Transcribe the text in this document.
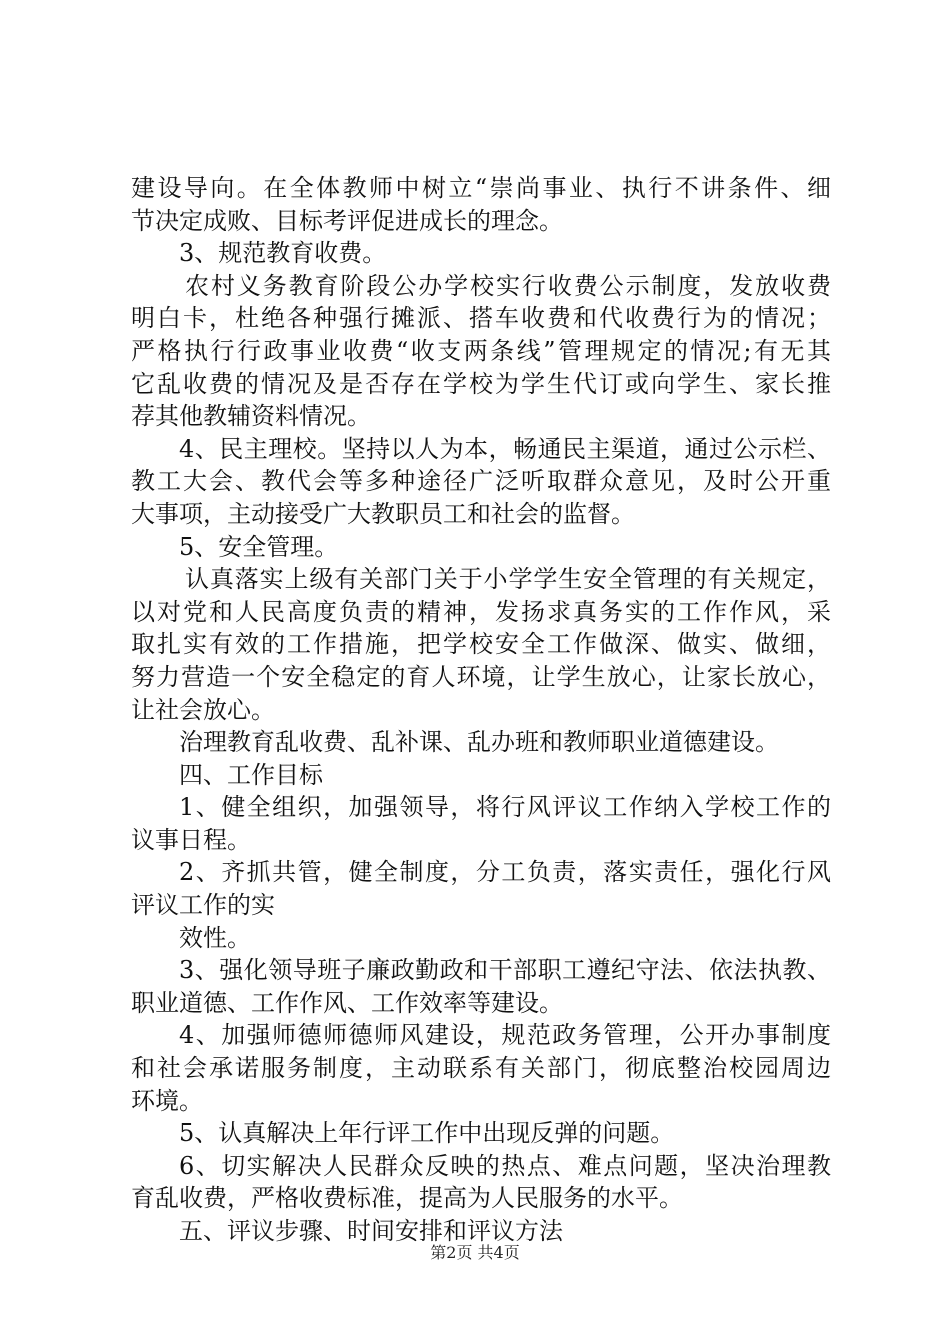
建设导向。在全体教师中树立“崇尚事业、执行不讲条件、细
节决定成败、目标考评促进成长的理念。
3、规范教育收费。
农村义务教育阶段公办学校实行收费公示制度，发放收费
明白卡，杜绝各种强行摊派、搭车收费和代收费行为的情况；
严格执行行政事业收费“收支两条线”管理规定的情况;有无其
它乱收费的情况及是否存在学校为学生代订或向学生、家长推
荐其他教辅资料情况。
4、民主理校。坚持以人为本，畅通民主渠道，通过公示栏、
教工大会、教代会等多种途径广泛听取群众意见，及时公开重
大事项，主动接受广大教职员工和社会的监督。
5、安全管理。
认真落实上级有关部门关于小学学生安全管理的有关规定，
以对党和人民高度负责的精神，发扬求真务实的工作作风，采
取扎实有效的工作措施，把学校安全工作做深、做实、做细，
努力营造一个安全稳定的育人环境，让学生放心，让家长放心，
让社会放心。
治理教育乱收费、乱补课、乱办班和教师职业道德建设。
四、工作目标
1、健全组织，加强领导，将行风评议工作纳入学校工作的
议事日程。
2、齐抓共管，健全制度，分工负责，落实责任，强化行风
评议工作的实
效性。
3、强化领导班子廉政勤政和干部职工遵纪守法、依法执教、
职业道德、工作作风、工作效率等建设。
4、加强师德师德师风建设，规范政务管理，公开办事制度
和社会承诺服务制度，主动联系有关部门，彻底整治校园周边
环境。
5、认真解决上年行评工作中出现反弹的问题。
6、切实解决人民群众反映的热点、难点问题，坚决治理教
育乱收费，严格收费标准，提高为人民服务的水平。
五、评议步骤、时间安排和评议方法
第2页 共4页
